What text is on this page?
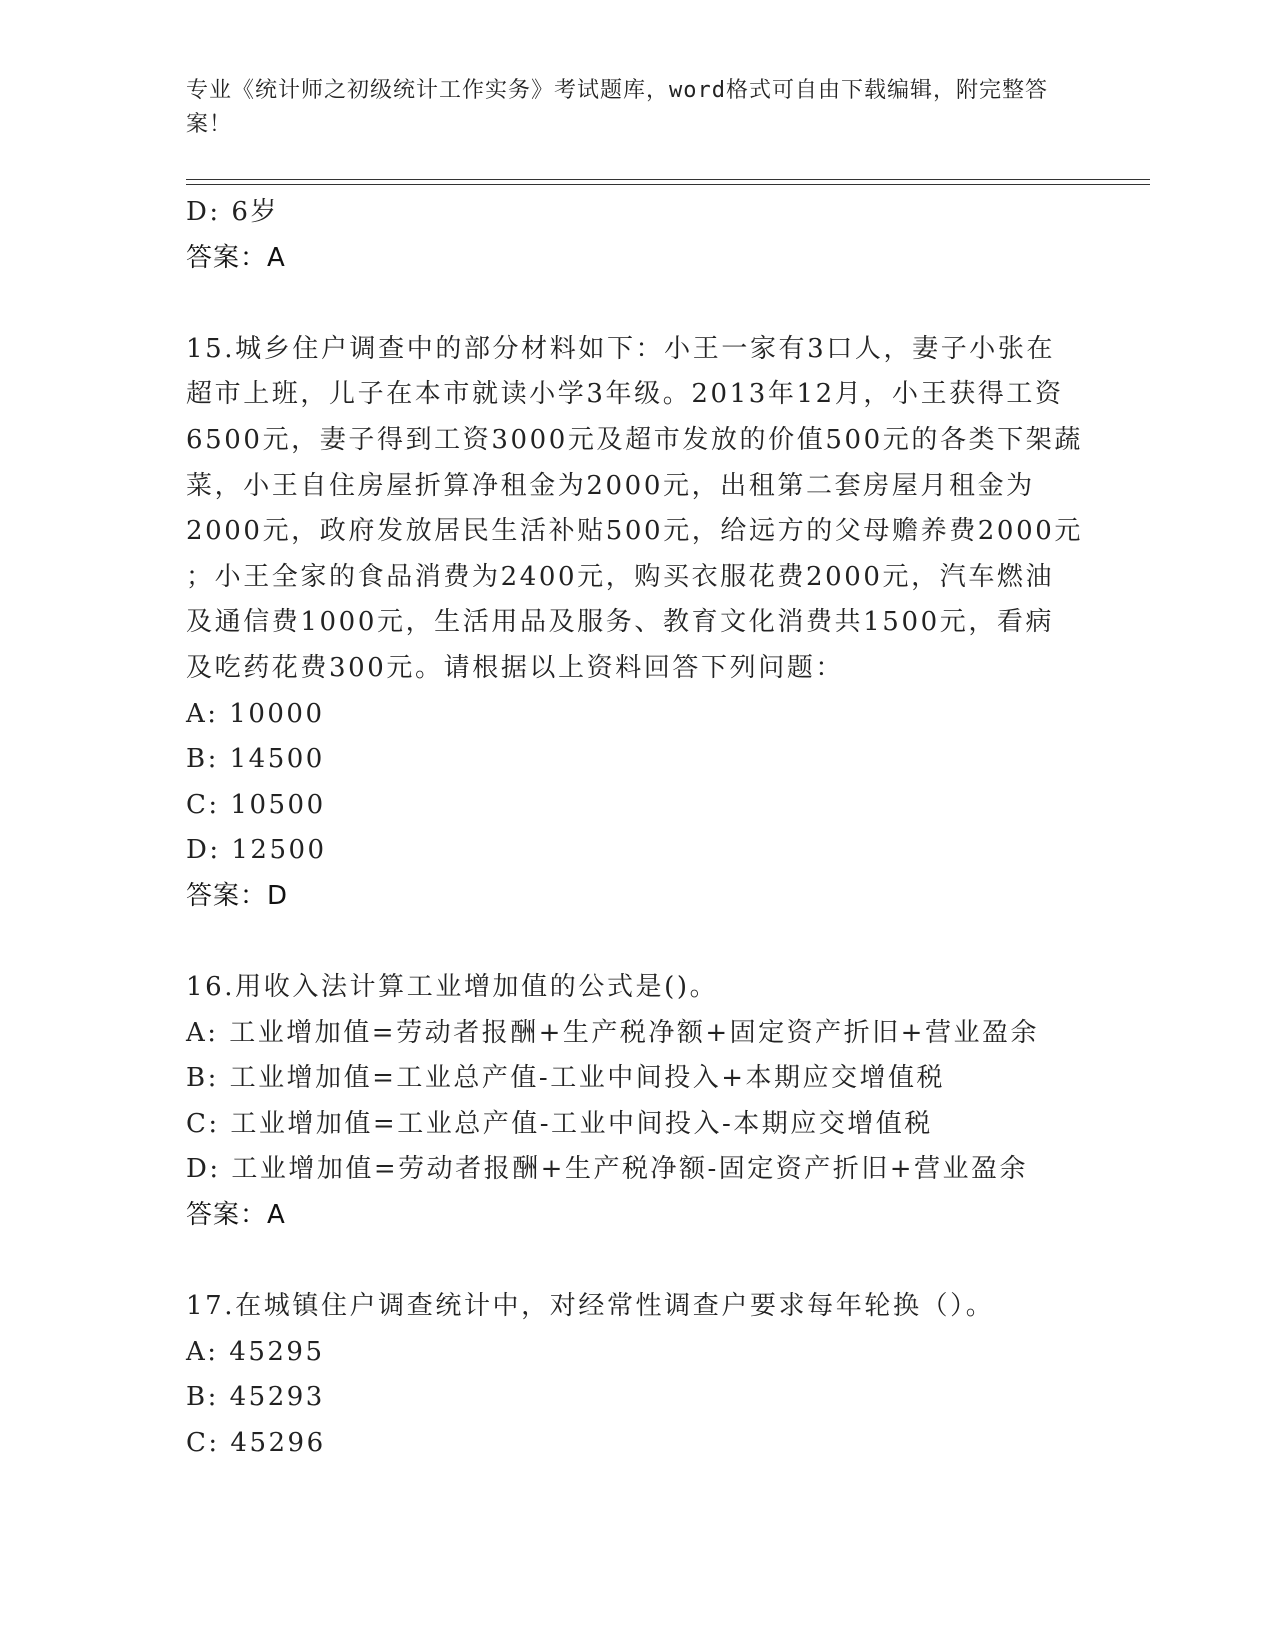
专业《统计师之初级统计工作实务》考试题库，word格式可自由下载编辑，附完整答案！
D: 6岁
答案：A
15.城乡住户调查中的部分材料如下：小王一家有3口人，妻子小张在
超市上班，儿子在本市就读小学3年级。2013年12月，小王获得工资
6500元，妻子得到工资3000元及超市发放的价值500元的各类下架蔬
菜，小王自住房屋折算净租金为2000元，出租第二套房屋月租金为
2000元，政府发放居民生活补贴500元，给远方的父母赡养费2000元
；小王全家的食品消费为2400元，购买衣服花费2000元，汽车燃油
及通信费1000元，生活用品及服务、教育文化消费共1500元，看病
及吃药花费300元。请根据以上资料回答下列问题：
A: 10000
B: 14500
C: 10500
D: 12500
答案：D
16.用收入法计算工业增加值的公式是()。
A: 工业增加值=劳动者报酬+生产税净额+固定资产折旧+营业盈余
B: 工业增加值=工业总产值-工业中间投入+本期应交增值税
C: 工业增加值=工业总产值-工业中间投入-本期应交增值税
D: 工业增加值=劳动者报酬+生产税净额-固定资产折旧+营业盈余
答案：A
17.在城镇住户调查统计中，对经常性调查户要求每年轮换（）。
A: 45295
B: 45293
C: 45296
